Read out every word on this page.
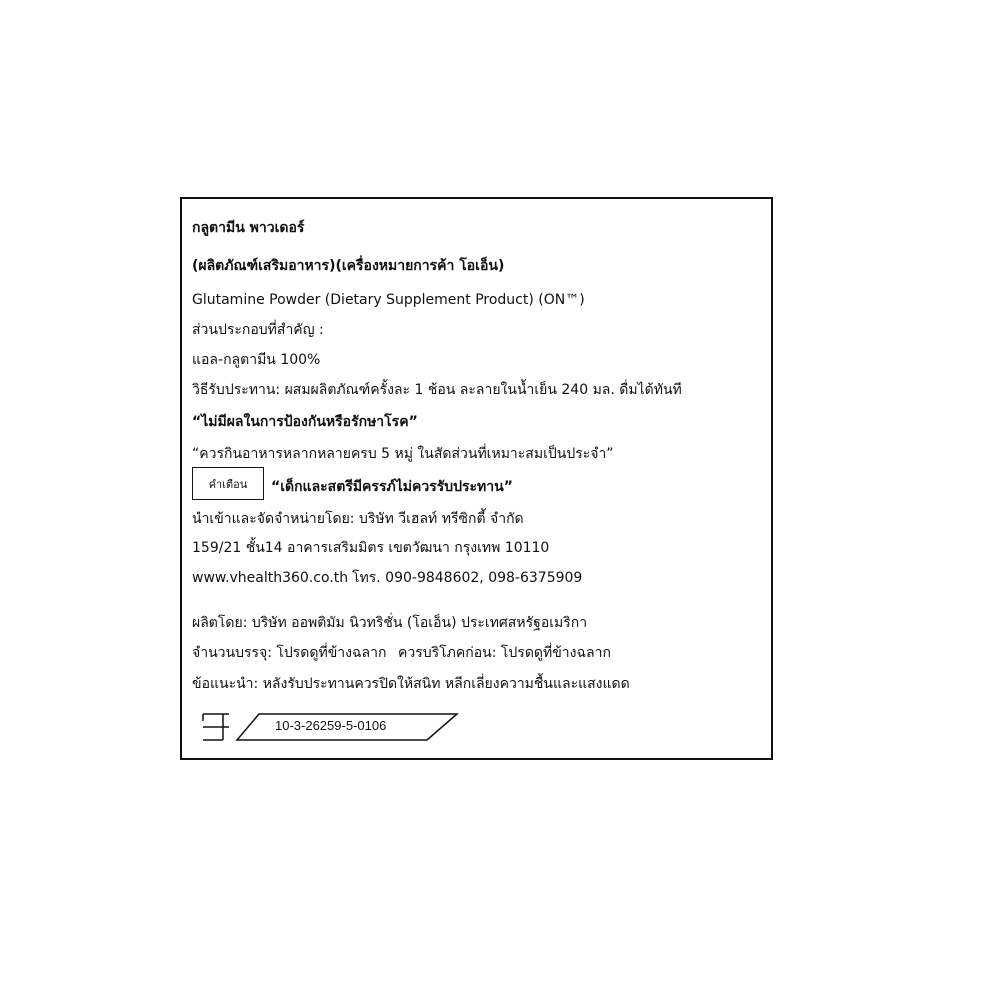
กลูตามีน พาวเดอร์
(ผลิตภัณฑ์เสริมอาหาร)(เครื่องหมายการค้า โอเอ็น)
Glutamine Powder (Dietary Supplement Product) (ON™)
ส่วนประกอบที่สำคัญ :
แอล-กลูตามีน 100%
วิธีรับประทาน: ผสมผลิตภัณฑ์ครั้งละ 1 ช้อน ละลายในน้ำเย็น 240 มล. ดื่มได้ทันที
“ไม่มีผลในการป้องกันหรือรักษาโรค”
“ควรกินอาหารหลากหลายครบ 5 หมู่ ในสัดส่วนที่เหมาะสมเป็นประจำ”
คำเตือน “เด็กและสตรีมีครรภ์ไม่ควรรับประทาน”
นำเข้าและจัดจำหน่ายโดย: บริษัท วีเฮลท์ ทรีซิกตี้ จำกัด
159/21 ชั้น14 อาคารเสริมมิตร เขตวัฒนา กรุงเทพ 10110
www.vhealth360.co.th โทร. 090-9848602, 098-6375909
ผลิตโดย: บริษัท ออพติมัม นิวทริชั่น (โอเอ็น) ประเทศสหรัฐอเมริกา
จำนวนบรรจุ: โปรดดูที่ข้างฉลาก ควรบริโภคก่อน: โปรดดูที่ข้างฉลาก
ข้อแนะนำ: หลังรับประทานควรปิดให้สนิท หลีกเลี่ยงความชื้นและแสงแดด
10-3-26259-5-0106
